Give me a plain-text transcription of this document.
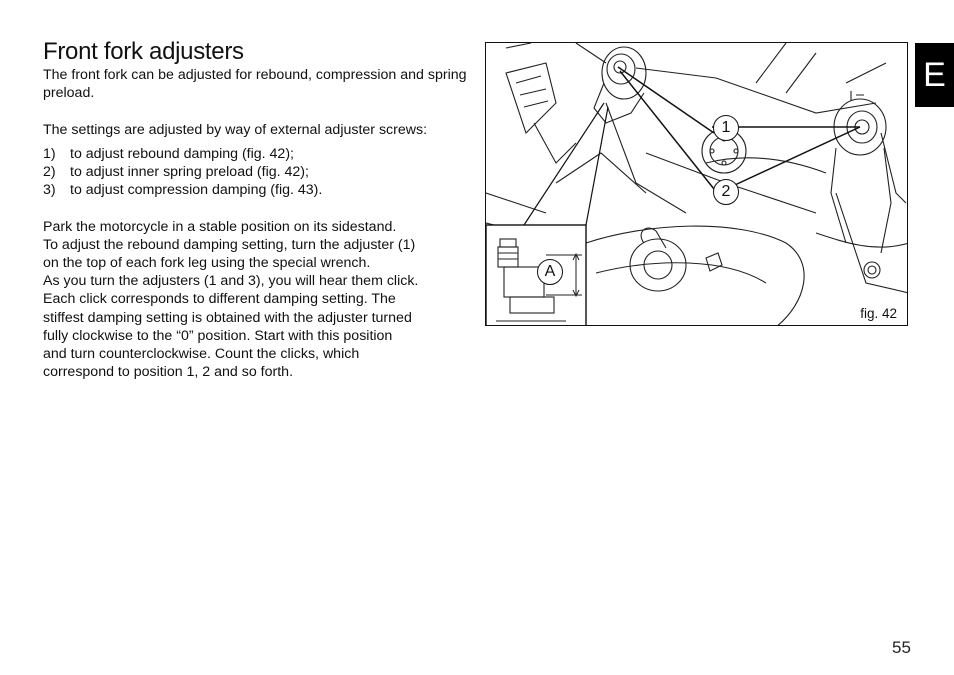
Front fork adjusters

The front fork can be adjusted for rebound, compression and spring preload.

The settings are adjusted by way of external adjuster screws:

1)	to adjust rebound damping (fig. 42);
2)	to adjust inner spring preload (fig. 42);
3)	to adjust compression damping (fig. 43).

Park the motorcycle in a stable position on its sidestand.

To adjust the rebound damping setting, turn the adjuster (1)

on the top of each fork leg using the special wrench.

As you turn the adjusters (1 and 3), you will hear them click.

Each click corresponds to different damping setting. The

stiffest damping setting is obtained with the adjuster turned

fully clockwise to the “0” position. Start with this position

and turn counterclockwise. Count the clicks, which

correspond to position 1, 2 and so forth.

1
2
A
fig. 42
E
55
